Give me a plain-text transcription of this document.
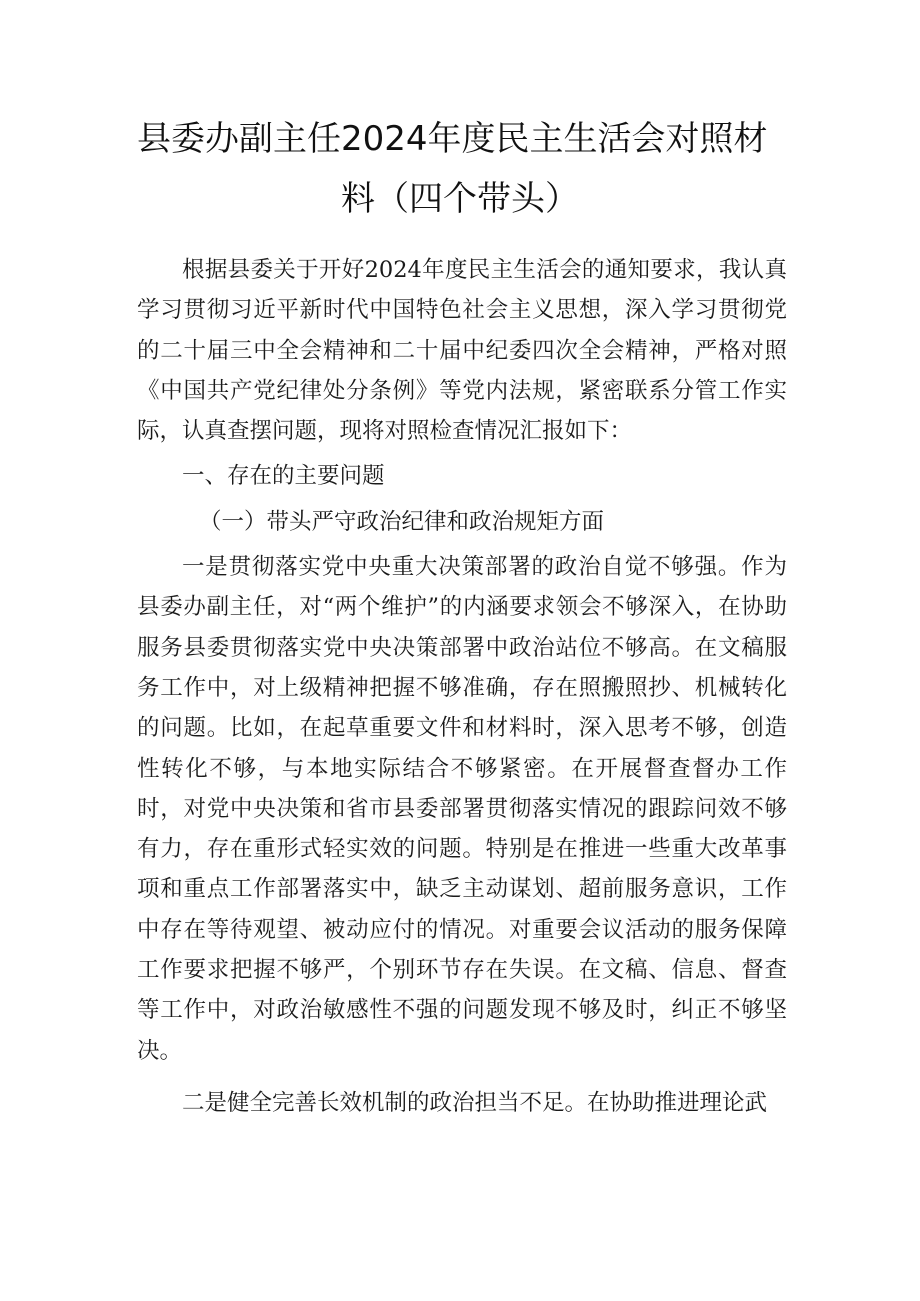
县委办副主任2024年度民主生活会对照材
料（四个带头）

根据县委关于开好2024年度民主生活会的通知要求，我认真学习贯彻习近平新时代中国特色社会主义思想，深入学习贯彻党的二十届三中全会精神和二十届中纪委四次全会精神，严格对照《中国共产党纪律处分条例》等党内法规，紧密联系分管工作实际，认真查摆问题，现将对照检查情况汇报如下：

一、存在的主要问题

（一）带头严守政治纪律和政治规矩方面

一是贯彻落实党中央重大决策部署的政治自觉不够强。作为县委办副主任，对“两个维护”的内涵要求领会不够深入，在协助服务县委贯彻落实党中央决策部署中政治站位不够高。在文稿服务工作中，对上级精神把握不够准确，存在照搬照抄、机械转化的问题。比如，在起草重要文件和材料时，深入思考不够，创造性转化不够，与本地实际结合不够紧密。在开展督查督办工作时，对党中央决策和省市县委部署贯彻落实情况的跟踪问效不够有力，存在重形式轻实效的问题。特别是在推进一些重大改革事项和重点工作部署落实中，缺乏主动谋划、超前服务意识，工作中存在等待观望、被动应付的情况。对重要会议活动的服务保障工作要求把握不够严，个别环节存在失误。在文稿、信息、督查等工作中，对政治敏感性不强的问题发现不够及时，纠正不够坚决。

二是健全完善长效机制的政治担当不足。在协助推进理论武
